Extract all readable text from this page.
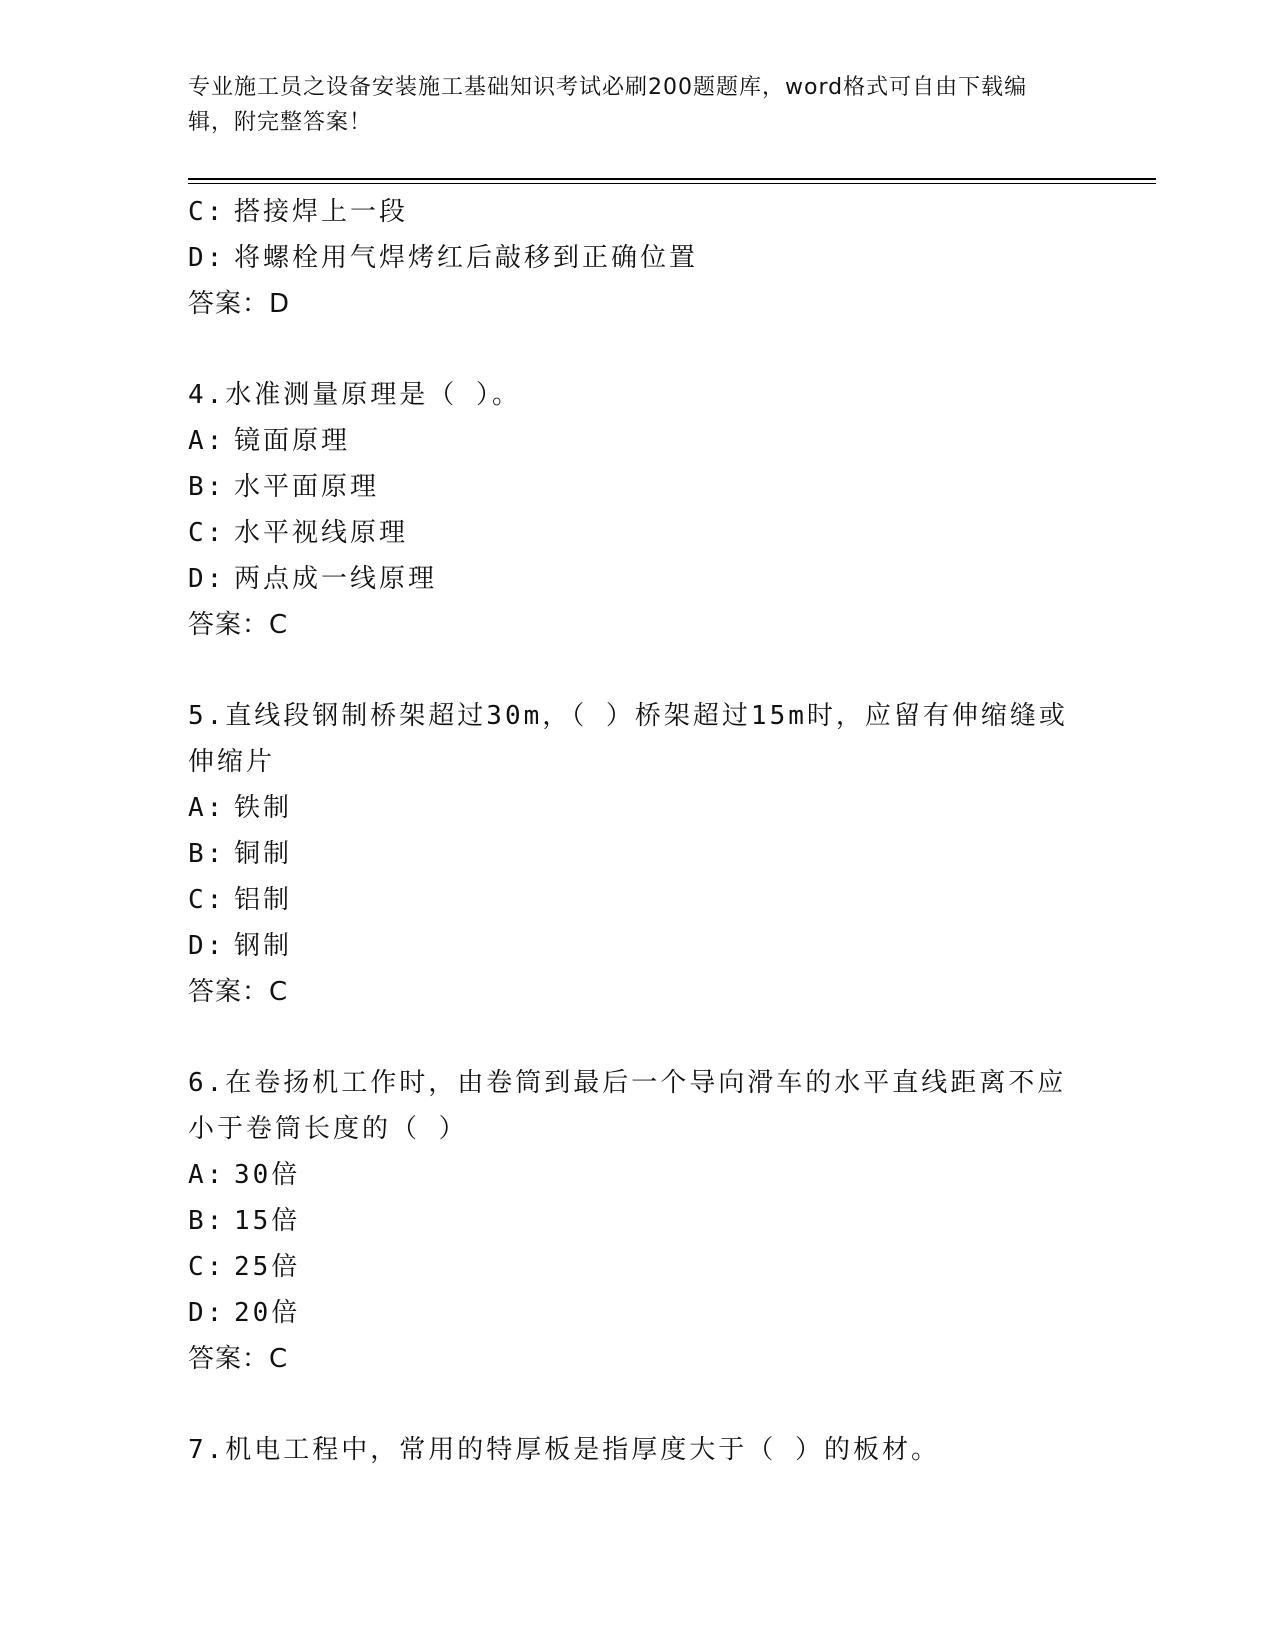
专业施工员之设备安装施工基础知识考试必刷200题题库，word格式可自由下载编辑，附完整答案！
C: 搭接焊上一段
D: 将螺栓用气焊烤红后敲移到正确位置
答案：D
4.水准测量原理是（ ）。
A: 镜面原理
B: 水平面原理
C: 水平视线原理
D: 两点成一线原理
答案：C
5.直线段钢制桥架超过30m，（ ）桥架超过15m时，应留有伸缩缝或伸缩片
A: 铁制
B: 铜制
C: 铝制
D: 钢制
答案：C
6.在卷扬机工作时，由卷筒到最后一个导向滑车的水平直线距离不应小于卷筒长度的（ ）
A: 30倍
B: 15倍
C: 25倍
D: 20倍
答案：C
7.机电工程中，常用的特厚板是指厚度大于（ ）的板材。
